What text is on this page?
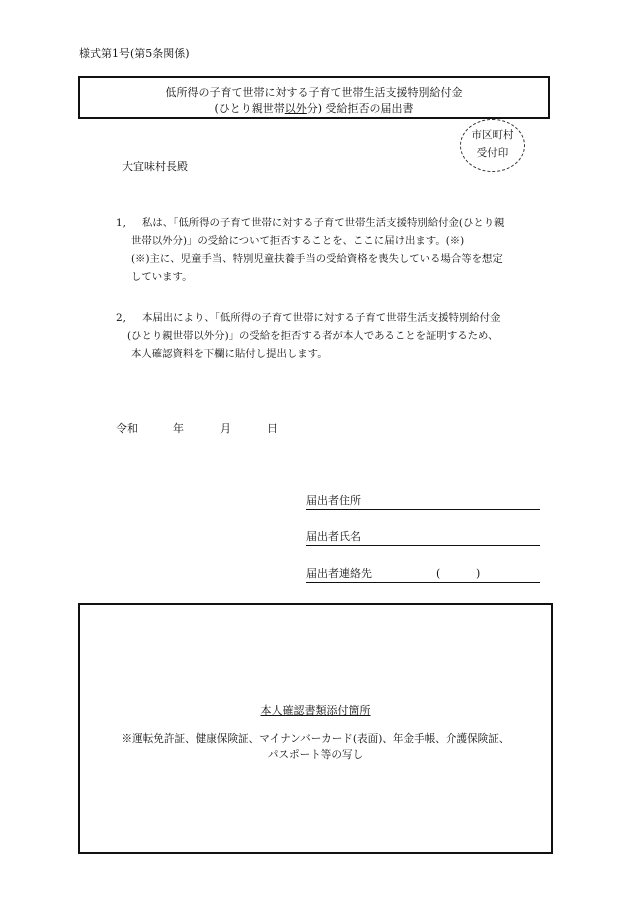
様式第1号(第5条関係)
低所得の子育て世帯に対する子育て世帯生活支援特別給付金
(ひとり親世帯以外分) 受給拒否の届出書
市区町村
受付印
大宜味村長殿
1, 私は、「低所得の子育て世帯に対する子育て世帯生活支援特別給付金(ひとり親
世帯以外分)」の受給について拒否することを、ここに届け出ます。(※)
(※)主に、児童手当、特別児童扶養手当の受給資格を喪失している場合等を想定
しています。
2, 本届出により、「低所得の子育て世帯に対する子育て世帯生活支援特別給付金
(ひとり親世帯以外分)」の受給を拒否する者が本人であることを証明するため、
本人確認資料を下欄に貼付し提出します。
令和	年	月	日
届出者住所
届出者氏名
届出者連絡先	(	)
本人確認書類添付箇所
※運転免許証、健康保険証、マイナンバーカード(表面)、年金手帳、介護保険証、
パスポート等の写し
